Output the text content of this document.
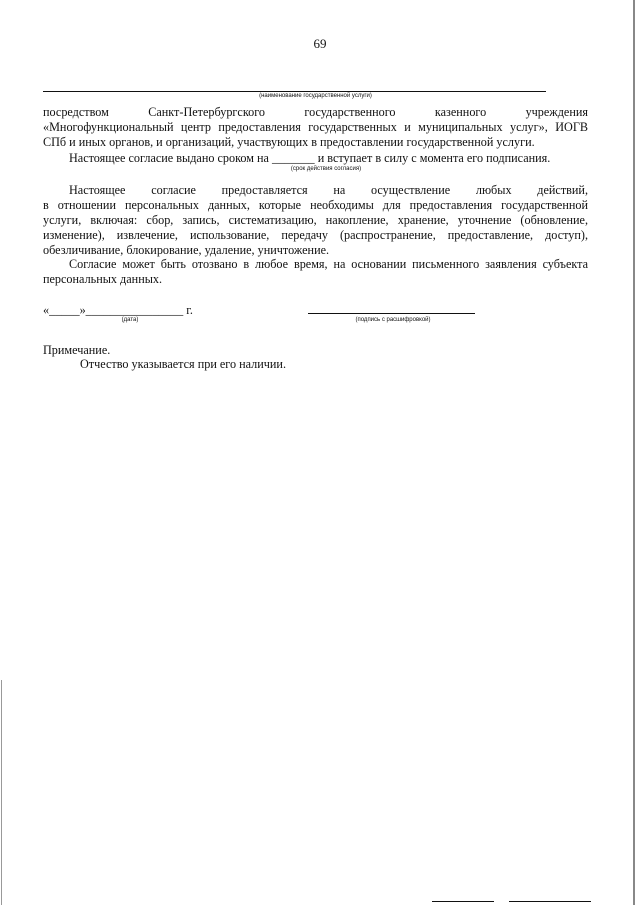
69
(наименование государственной услуги)
посредством Санкт-Петербургского государственного казенного учреждения
«Многофункциональный центр предоставления государственных и муниципальных услуг», ИОГВ
СПб и иных органов, и организаций, участвующих в предоставлении государственной услуги.
Настоящее согласие выдано сроком на _______ и вступает в силу с момента его подписания.
(срок действия согласия)
Настоящее согласие предоставляется на осуществление любых действий,
в отношении персональных данных, которые необходимы для предоставления государственной
услуги, включая: сбор, запись, систематизацию, накопление, хранение, уточнение (обновление,
изменение), извлечение, использование, передачу (распространение, предоставление, доступ),
обезличивание, блокирование, удаление, уничтожение.
Согласие может быть отозвано в любое время, на основании письменного заявления субъекта
персональных данных.
«_____»________________ г.
(дата)	(подпись с расшифровкой)
Примечание.
Отчество указывается при его наличии.
